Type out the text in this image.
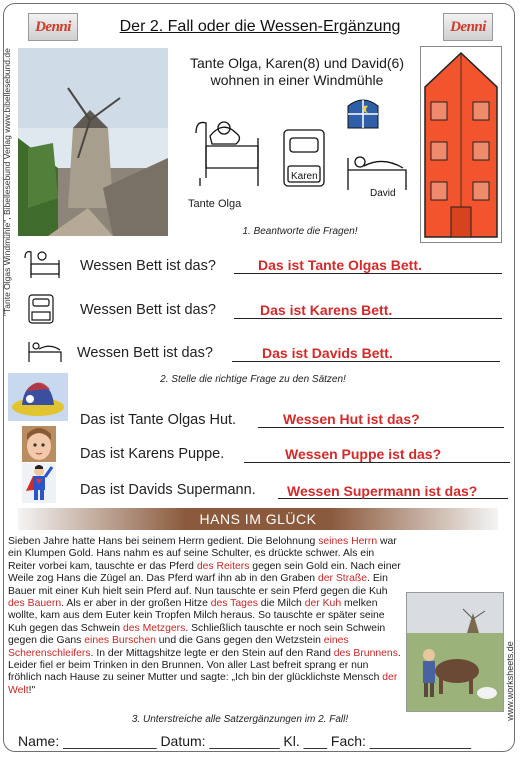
Denni	Denni
Der 2. Fall oder die Wessen-Ergänzung
"Tante Olgas Windmühle", Bibellesebund Verlag www.bibellesebund.de
www.worksheets.de
Tante Olga, Karen(8) und David(6)
wohnen in einer Windmühle
Karen
David
Tante Olga
1. Beantworte die Fragen!
Wessen Bett ist das?	Das ist Tante Olgas Bett.
Wessen Bett ist das?	Das ist Karens Bett.
Wessen Bett ist das?	Das ist Davids Bett.
2. Stelle die richtige Frage zu den Sätzen!
Das ist Tante Olgas Hut.	Wessen Hut ist das?
Das ist Karens Puppe.	Wessen Puppe ist das?
Das ist Davids Supermann. Wessen Supermann ist das?
HANS IM GLÜCK
Sieben Jahre hatte Hans bei seinem Herrn gedient. Die Belohnung seines Herrn war ein Klumpen Gold. Hans nahm es auf seine Schulter, es drückte schwer. Als ein Reiter vorbei kam, tauschte er das Pferd des Reiters gegen sein Gold ein. Nach einer Weile zog Hans die Zügel an. Das Pferd warf ihn ab in den Graben der Straße. Ein Bauer mit einer Kuh hielt sein Pferd auf. Nun tauschte er sein Pferd gegen die Kuh des Bauern. Als er aber in der großen Hitze des Tages die Milch der Kuh melken wollte, kam aus dem Euter kein Tropfen Milch heraus. So tauschte er später seine Kuh gegen das Schwein des Metzgers. Schließlich tauschte er noch sein Schwein gegen die Gans eines Burschen und die Gans gegen den Wetzstein eines Scherenschleifers. In der Mittagshitze legte er den Stein auf den Rand des Brunnens. Leider fiel er beim Trinken in den Brunnen. Von aller Last befreit sprang er nun fröhlich nach Hause zu seiner Mutter und sagte: „Ich bin der glücklichste Mensch der Welt!"
3. Unterstreiche alle Satzergänzungen im 2. Fall!
Name: ____________ Datum: _________ Kl. ___ Fach: _____________
